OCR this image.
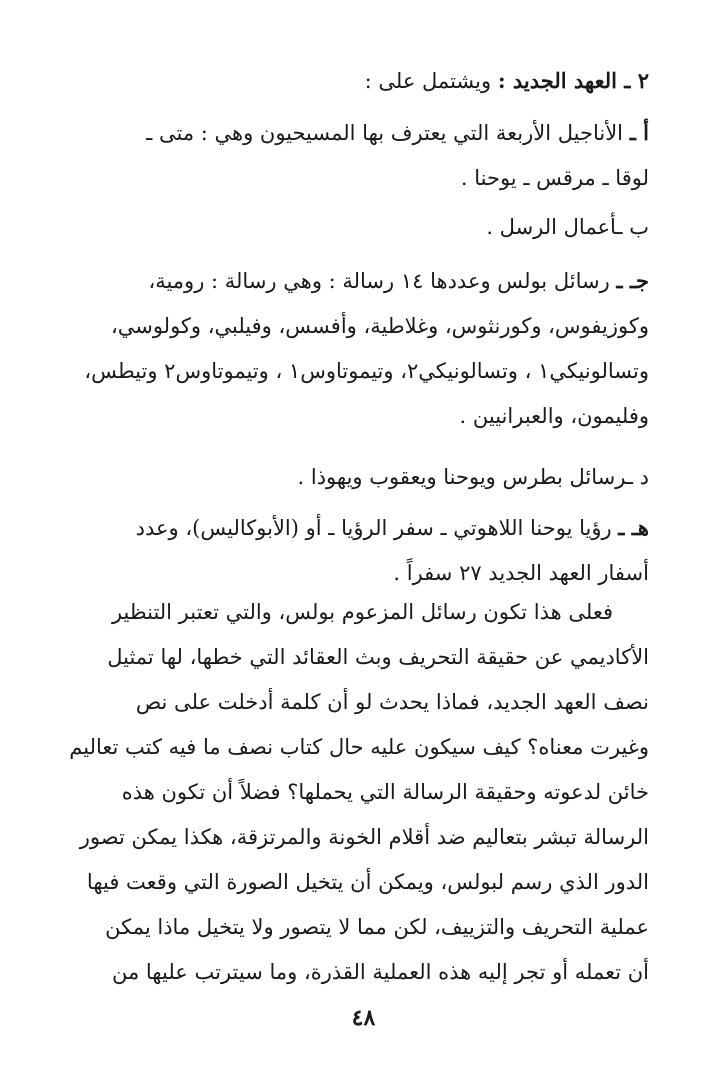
٢ ـ العهد الجديد : ويشتمل على :
أ ـ الأناجيل الأربعة التي يعترف بها المسيحيون وهي : متى ـ
لوقا ـ مرقس ـ يوحنا .
ب ـأعمال الرسل .
جـ ـ رسائل بولس وعددها ١٤ رسالة : وهي رسالة : رومية،
وكوزيفوس، وكورنثوس، وغلاطية، وأفسس، وفيلبي، وكولوسي،
وتسالونيكي١ ، وتسالونيكي٢، وتيموتاوس١ ، وتيموتاوس٢ وتيطس،
وفليمون، والعبرانيين .
د ـرسائل بطرس ويوحنا ويعقوب ويهوذا .
هـ ـ رؤيا يوحنا اللاهوتي ـ سفر الرؤيا ـ أو (الأبوكاليس)، وعدد
أسفار العهد الجديد ٢٧ سفراً .
فعلى هذا تكون رسائل المزعوم بولس، والتي تعتبر التنظير
الأكاديمي عن حقيقة التحريف وبث العقائد التي خطها، لها تمثيل
نصف العهد الجديد، فماذا يحدث لو أن كلمة أدخلت على نص
وغيرت معناه؟ كيف سيكون عليه حال كتاب نصف ما فيه كتب تعاليم
خائن لدعوته وحقيقة الرسالة التي يحملها؟ فضلاً أن تكون هذه
الرسالة تبشر بتعاليم ضد أقلام الخونة والمرتزقة، هكذا يمكن تصور
الدور الذي رسم لبولس، ويمكن أن يتخيل الصورة التي وقعت فيها
عملية التحريف والتزييف، لكن مما لا يتصور ولا يتخيل ماذا يمكن
أن تعمله أو تجر إليه هذه العملية القذرة، وما سيترتب عليها من
٤٨
